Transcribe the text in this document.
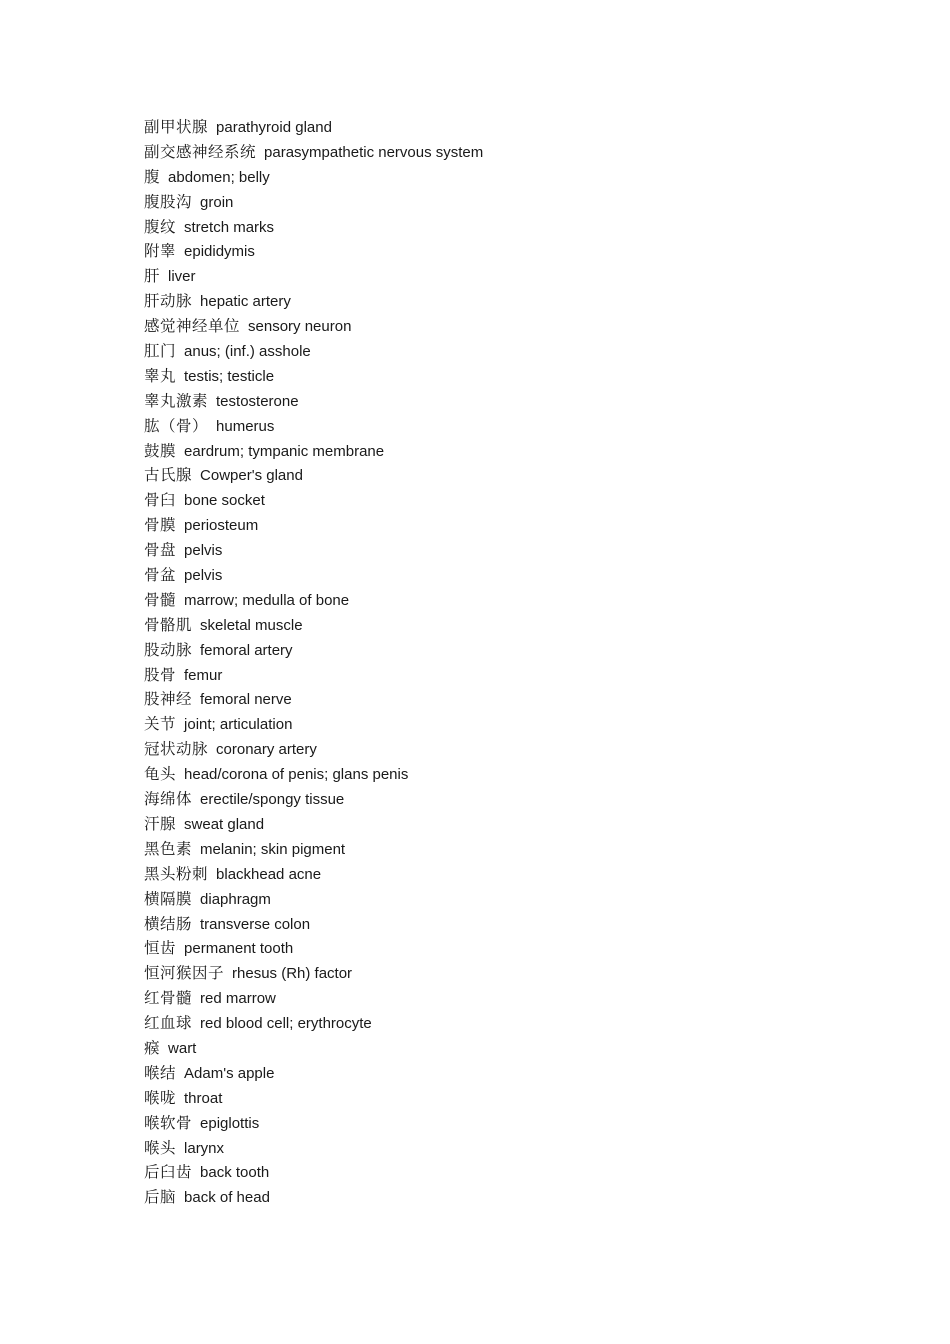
副甲状腺 parathyroid gland
副交感神经系统 parasympathetic nervous system
腹 abdomen; belly
腹股沟 groin
腹纹 stretch marks
附睾 epididymis
肝 liver
肝动脉 hepatic artery
感觉神经单位 sensory neuron
肛门 anus; (inf.) asshole
睾丸 testis; testicle
睾丸激素 testosterone
肱（骨） humerus
鼓膜 eardrum; tympanic membrane
古氏腺 Cowper's gland
骨臼 bone socket
骨膜 periosteum
骨盘 pelvis
骨盆 pelvis
骨髓 marrow; medulla of bone
骨骼肌 skeletal muscle
股动脉 femoral artery
股骨 femur
股神经 femoral nerve
关节 joint; articulation
冠状动脉 coronary artery
龟头 head/corona of penis; glans penis
海绵体 erectile/spongy tissue
汗腺 sweat gland
黑色素 melanin; skin pigment
黑头粉刺 blackhead acne
横隔膜 diaphragm
横结肠 transverse colon
恒齿 permanent tooth
恒河猴因子 rhesus (Rh) factor
红骨髓 red marrow
红血球 red blood cell; erythrocyte
瘊 wart
喉结 Adam's apple
喉咙 throat
喉软骨 epiglottis
喉头 larynx
后臼齿 back tooth
后脑 back of head
